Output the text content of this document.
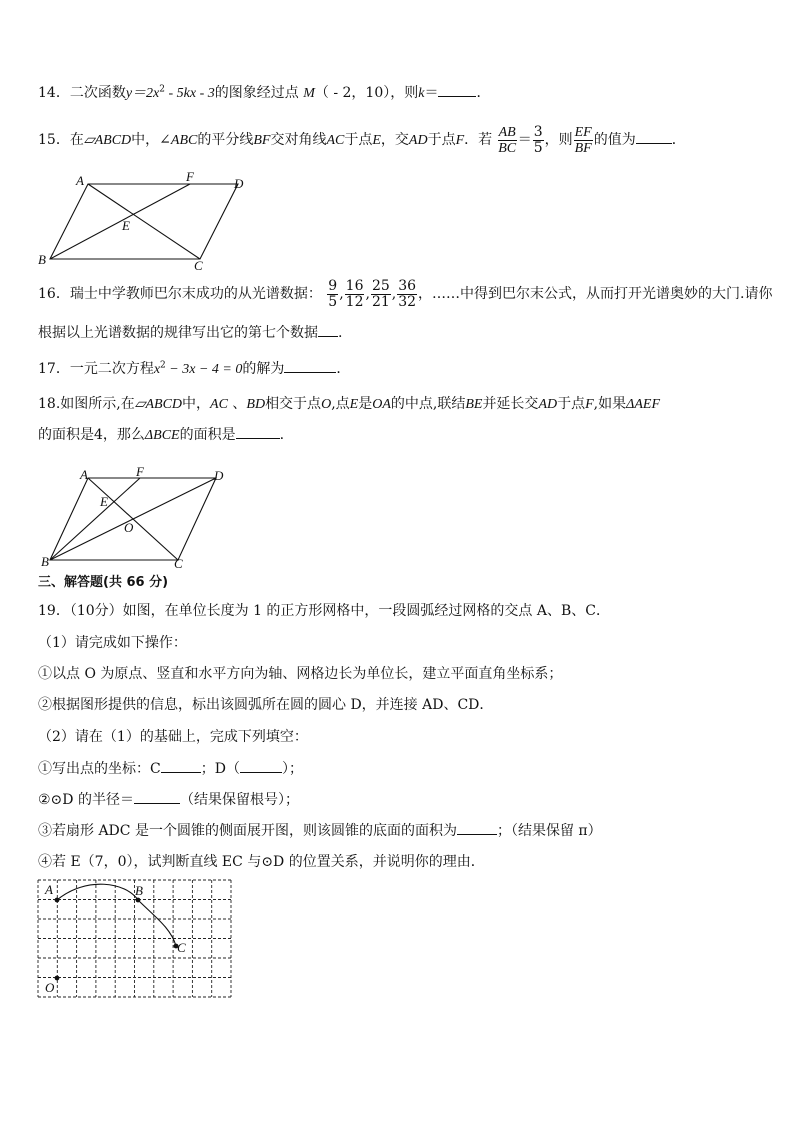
14．二次函数$y=2x^2 - 5kx - 3$的图象经过点 M（ - 2，10），则k＝	．
15．在▱ABCD中，∠ABC的平分线BF交对角线AC于点E，交AD于点F．若 $\frac{AB}{BC} = \frac{3}{5}$ ，则 $\frac{EF}{BF}$ 的值为	．
A	F	D
B	C
E
16．瑞士中学教师巴尔末成功的从光谱数据： $\frac{9}{5}$ , $\frac{16}{12}$ , $\frac{25}{21}$ , $\frac{36}{32}$ ，……中得到巴尔末公式，从而打开光谱奥妙的大门.请你
根据以上光谱数据的规律写出它的第七个数据 .
17．一元二次方程$x^2 - 3x - 4 = 0$的解为	．
18.如图所示,在▱ABCD中，AC 、BD相交于点O,点E是OA的中点,联结BE并延长交AD于点F,如果ΔAEF
的面积是4，那么ΔBCE的面积是	.
A	F	D
E
O
B	C
三、解答题(共 66 分)
19．（10分）如图，在单位长度为 1 的正方形网格中，一段圆弧经过网格的交点 A、B、C．
（1）请完成如下操作：
①以点 O 为原点、竖直和水平方向为轴、网格边长为单位长，建立平面直角坐标系；
②根据图形提供的信息，标出该圆弧所在圆的圆心 D，并连接 AD、CD．
（2）请在（1）的基础上，完成下列填空：
①写出点的坐标：C	；D（	）；
②⊙D 的半径＝	（结果保留根号）；
③若扇形 ADC 是一个圆锥的侧面展开图，则该圆锥的底面的面积为	；（结果保留 π）
④若 E（7，0），试判断直线 EC 与⊙D 的位置关系，并说明你的理由．
A	B
C
O
